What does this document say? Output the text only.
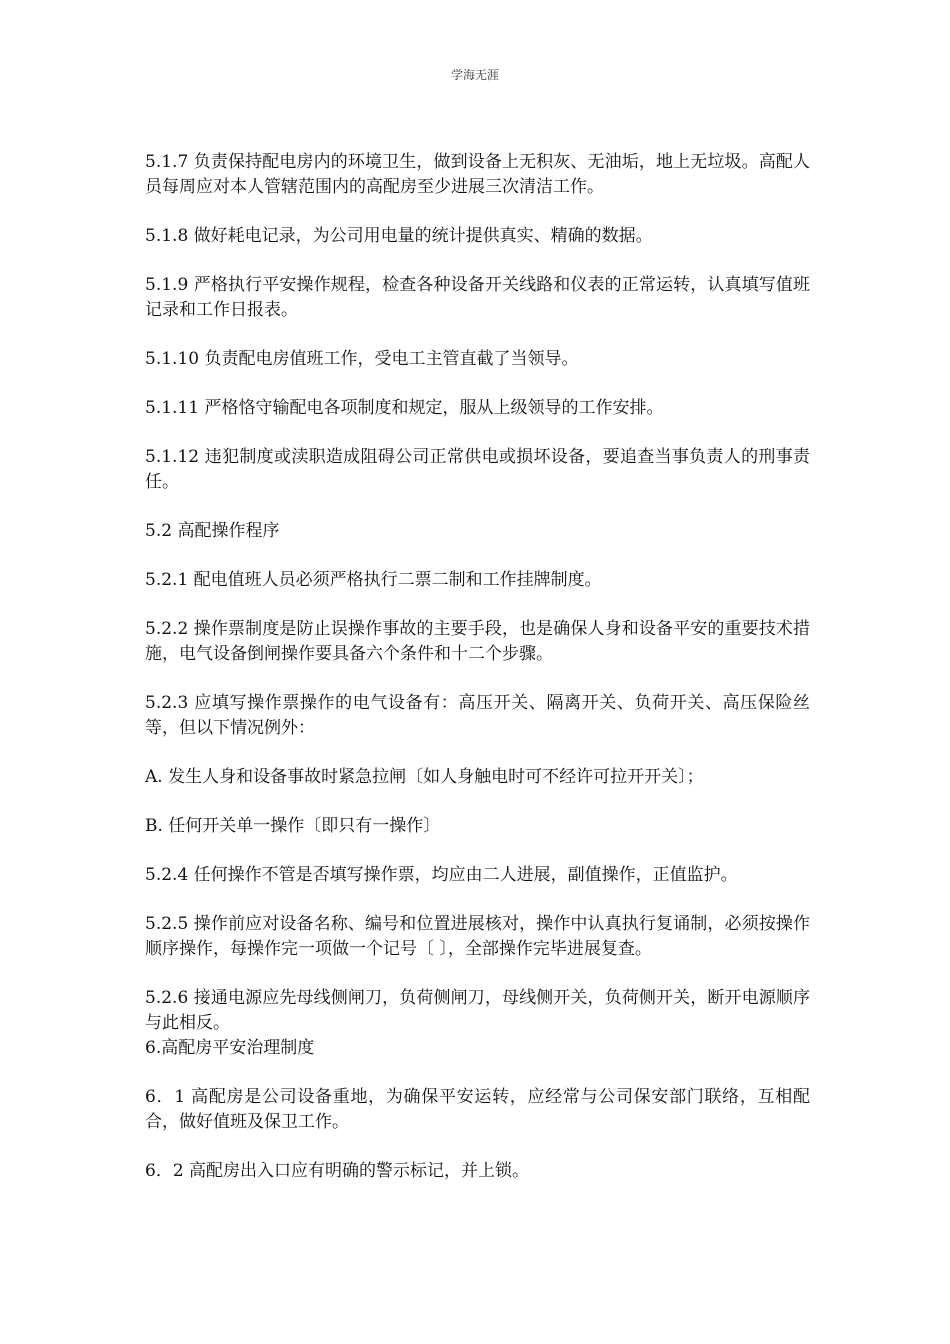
学海无涯

5.1.7 负责保持配电房内的环境卫生，做到设备上无积灰、无油垢，地上无垃圾。高配人员每周应对本人管辖范围内的高配房至少进展三次清洁工作。

5.1.8 做好耗电记录，为公司用电量的统计提供真实、精确的数据。

5.1.9 严格执行平安操作规程，检查各种设备开关线路和仪表的正常运转，认真填写值班记录和工作日报表。

5.1.10 负责配电房值班工作，受电工主管直截了当领导。

5.1.11 严格恪守输配电各项制度和规定，服从上级领导的工作安排。

5.1.12 违犯制度或渎职造成阻碍公司正常供电或损坏设备，要追查当事负责人的刑事责任。

5.2 高配操作程序

5.2.1 配电值班人员必须严格执行二票二制和工作挂牌制度。

5.2.2 操作票制度是防止误操作事故的主要手段，也是确保人身和设备平安的重要技术措施，电气设备倒闸操作要具备六个条件和十二个步骤。

5.2.3 应填写操作票操作的电气设备有：高压开关、隔离开关、负荷开关、高压保险丝等，但以下情况例外：

A. 发生人身和设备事故时紧急拉闸〔如人身触电时可不经许可拉开开关〕；

B. 任何开关单一操作〔即只有一操作〕

5.2.4 任何操作不管是否填写操作票，均应由二人进展，副值操作，正值监护。

5.2.5 操作前应对设备名称、编号和位置进展核对，操作中认真执行复诵制，必须按操作顺序操作，每操作完一项做一个记号〔 〕，全部操作完毕进展复查。

5.2.6 接通电源应先母线侧闸刀，负荷侧闸刀，母线侧开关，负荷侧开关，断开电源顺序与此相反。

6.高配房平安治理制度

6．1 高配房是公司设备重地，为确保平安运转，应经常与公司保安部门联络，互相配合，做好值班及保卫工作。

6．2 高配房出入口应有明确的警示标记，并上锁。
